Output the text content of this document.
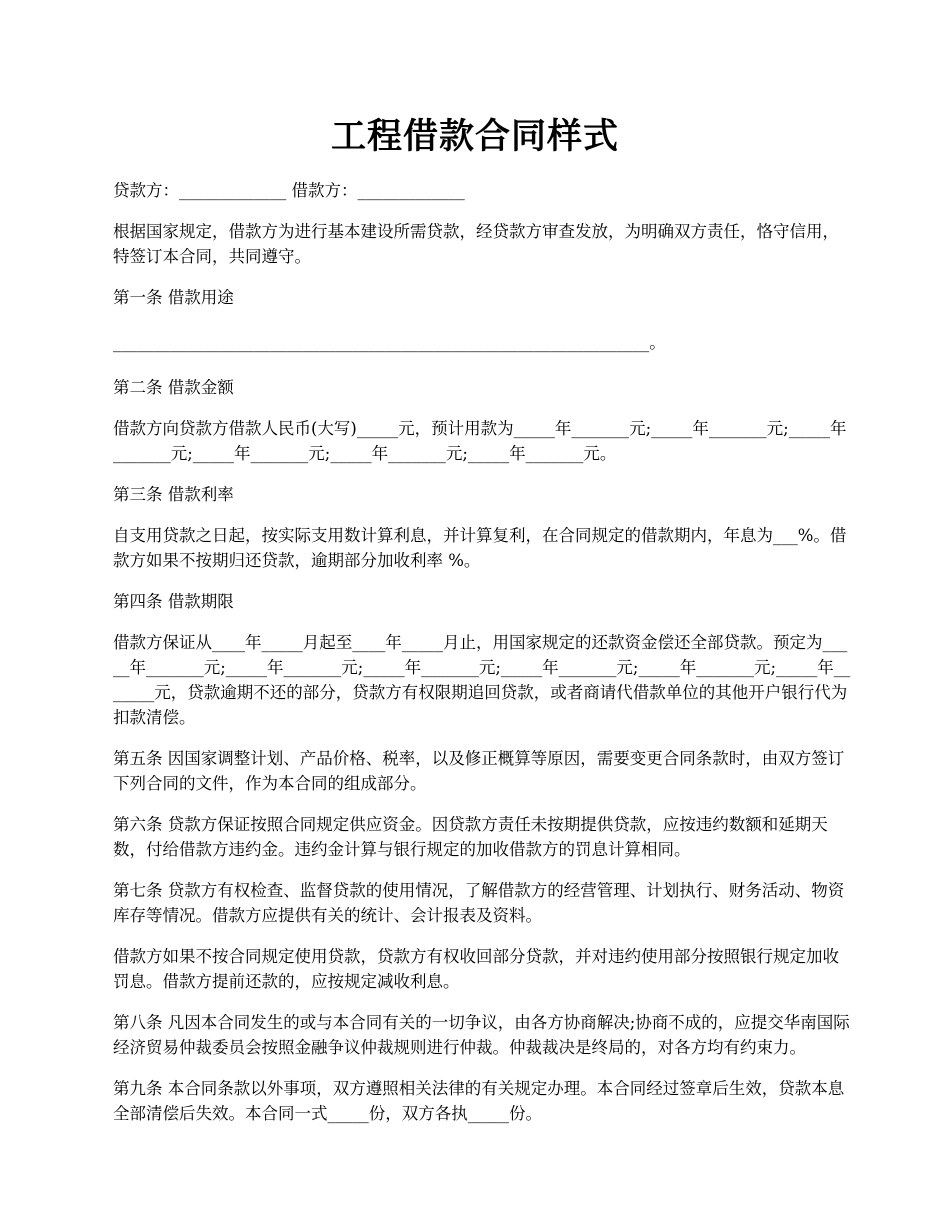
工程借款合同样式

贷款方：_____________ 借款方：_____________

根据国家规定，借款方为进行基本建设所需贷款，经贷款方审查发放，为明确双方责任，恪守信用，特签订本合同，共同遵守。

第一条 借款用途

_________________________________________________________________。

第二条 借款金额

借款方向贷款方借款人民币(大写)_____元，预计用款为_____年_______元;_____年_______元;_____年_______元;_____年_______元;_____年_______元;_____年_______元。

第三条 借款利率

自支用贷款之日起，按实际支用数计算利息，并计算复利，在合同规定的借款期内，年息为___%。借款方如果不按期归还贷款，逾期部分加收利率 %。

第四条 借款期限

借款方保证从____年_____月起至____年_____月止，用国家规定的还款资金偿还全部贷款。预定为_____年_______元;_____年_______元;_____年_______元;_____年_______元;_____年_______元;_____年_______元，贷款逾期不还的部分，贷款方有权限期追回贷款，或者商请代借款单位的其他开户银行代为扣款清偿。

第五条 因国家调整计划、产品价格、税率，以及修正概算等原因，需要变更合同条款时，由双方签订下列合同的文件，作为本合同的组成部分。

第六条 贷款方保证按照合同规定供应资金。因贷款方责任未按期提供贷款，应按违约数额和延期天数，付给借款方违约金。违约金计算与银行规定的加收借款方的罚息计算相同。

第七条 贷款方有权检查、监督贷款的使用情况，了解借款方的经营管理、计划执行、财务活动、物资库存等情况。借款方应提供有关的统计、会计报表及资料。

借款方如果不按合同规定使用贷款，贷款方有权收回部分贷款，并对违约使用部分按照银行规定加收罚息。借款方提前还款的，应按规定减收利息。

第八条 凡因本合同发生的或与本合同有关的一切争议，由各方协商解决;协商不成的，应提交华南国际经济贸易仲裁委员会按照金融争议仲裁规则进行仲裁。仲裁裁决是终局的，对各方均有约束力。

第九条 本合同条款以外事项，双方遵照相关法律的有关规定办理。本合同经过签章后生效，贷款本息全部清偿后失效。本合同一式_____份，双方各执_____份。
